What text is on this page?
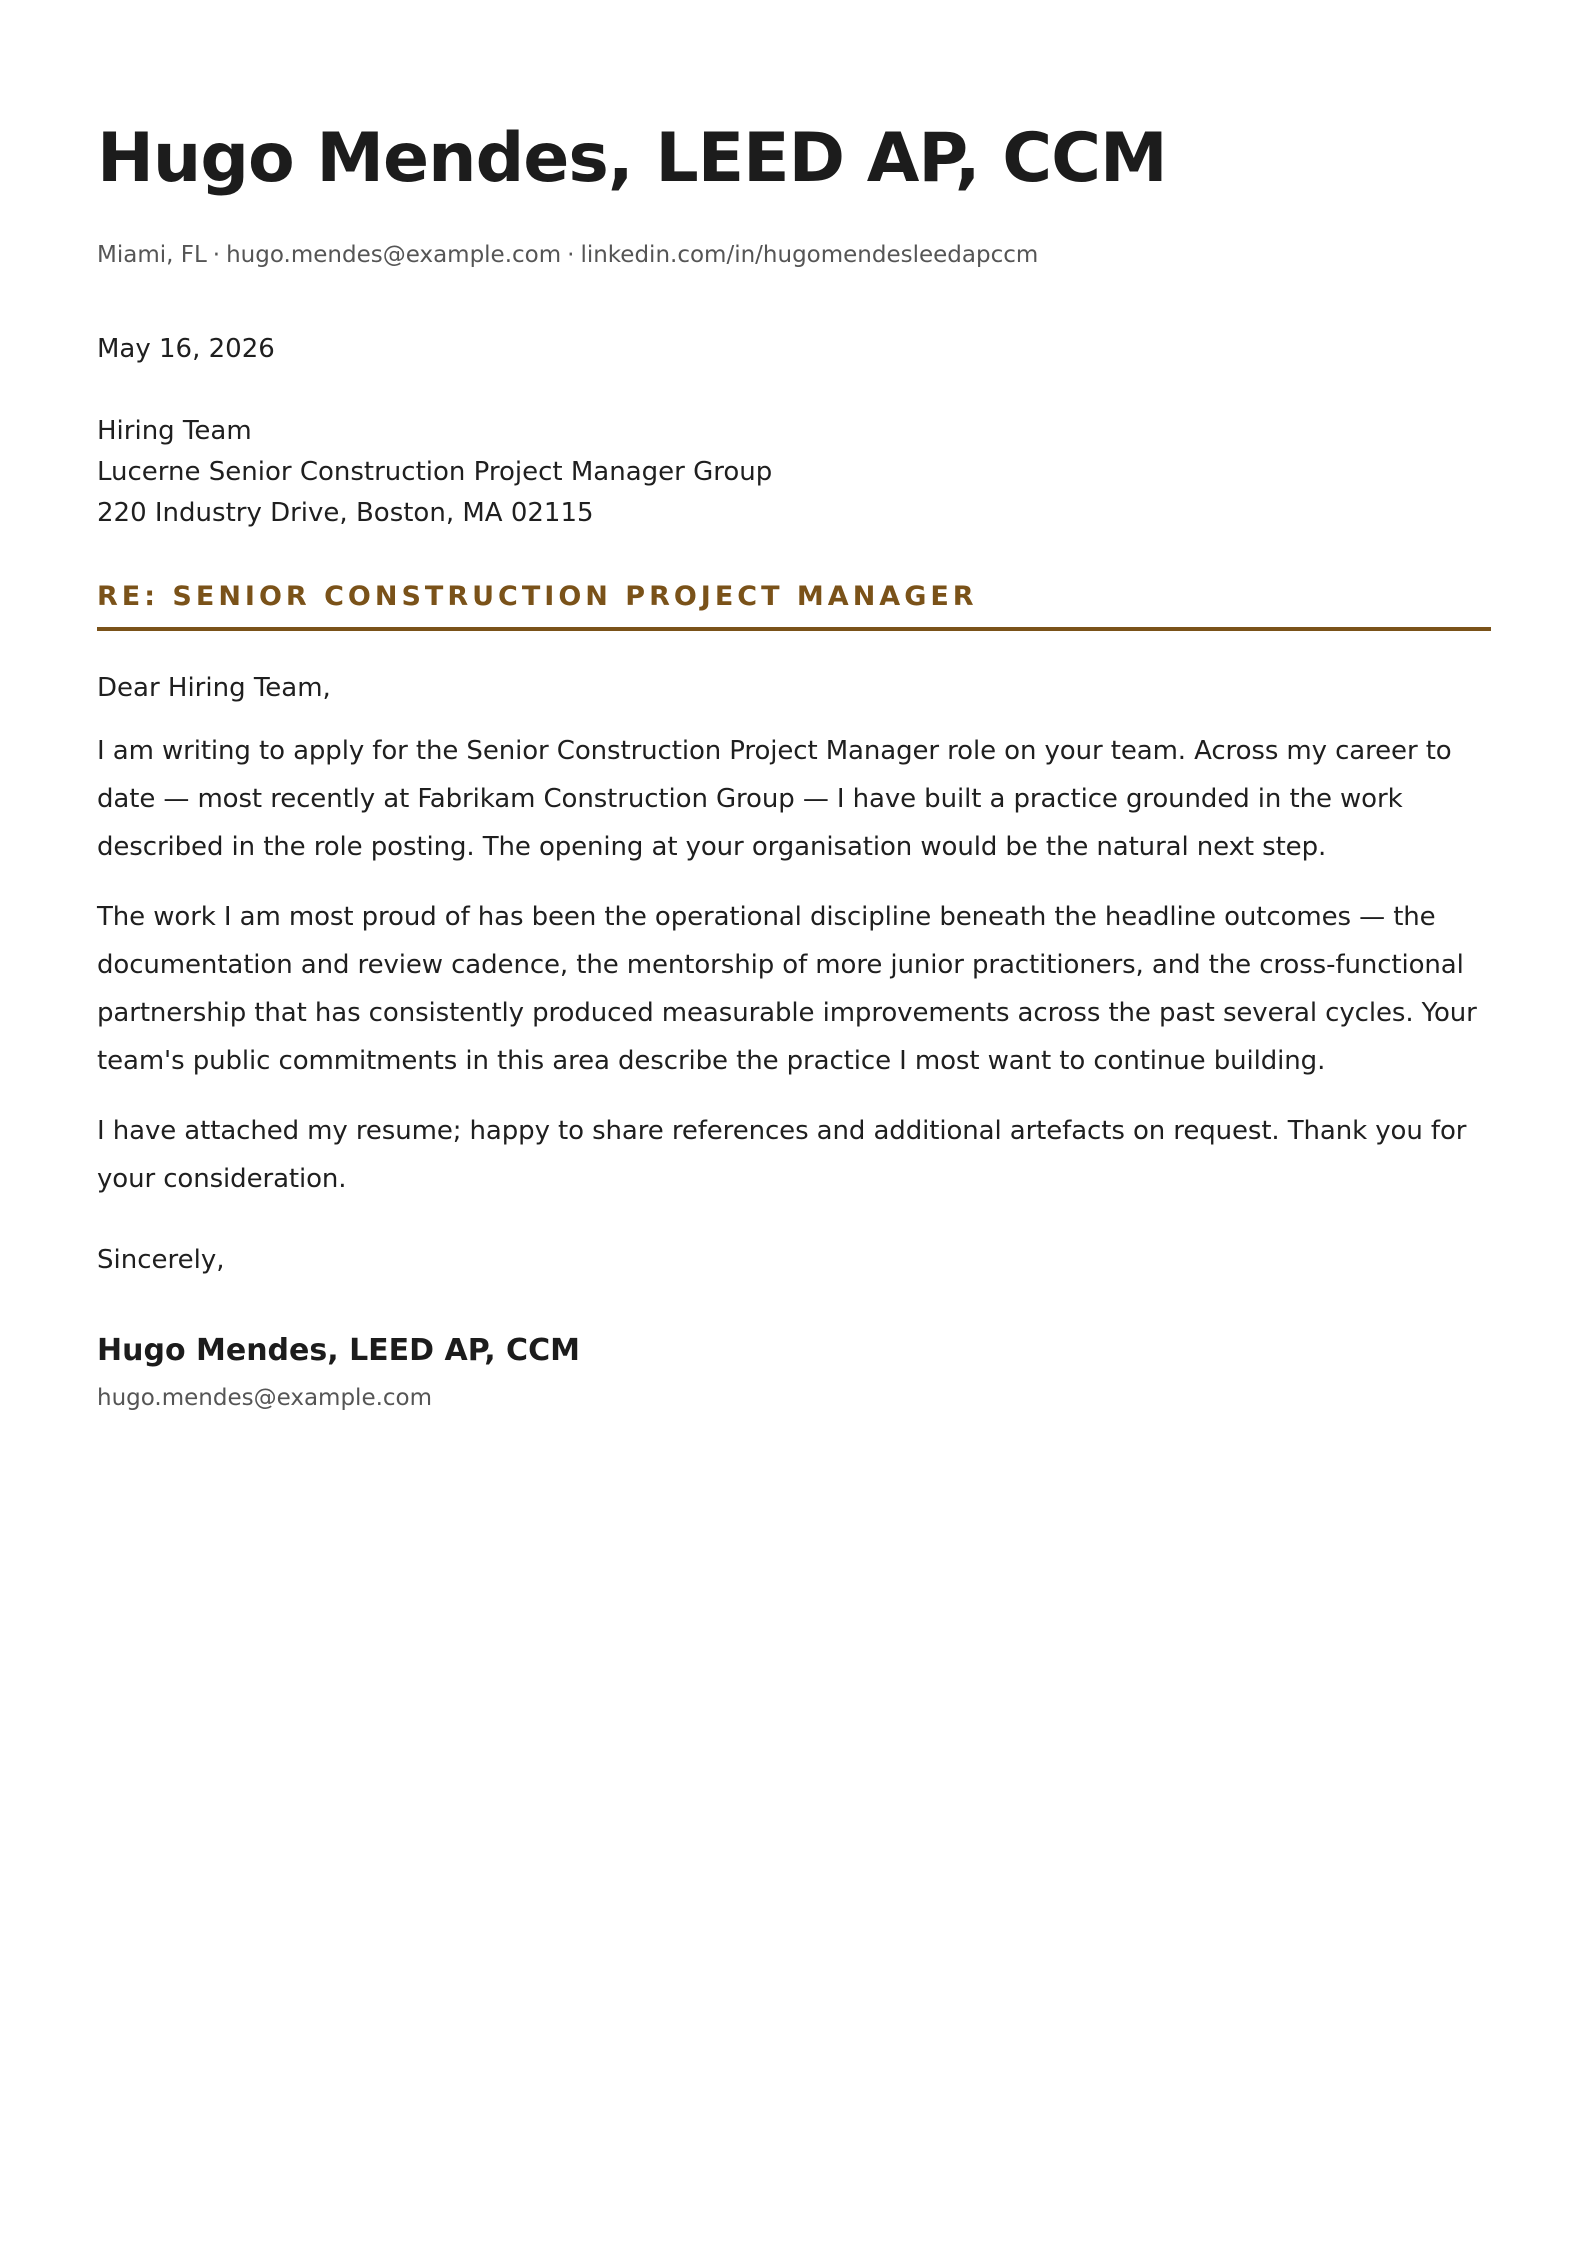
Hugo Mendes, LEED AP, CCM
Miami, FL · hugo.mendes@example.com · linkedin.com/in/hugomendesleedapccm
May 16, 2026
Hiring Team
Lucerne Senior Construction Project Manager Group
220 Industry Drive, Boston, MA 02115
RE: SENIOR CONSTRUCTION PROJECT MANAGER
Dear Hiring Team,

I am writing to apply for the Senior Construction Project Manager role on your team. Across my career to date — most recently at Fabrikam Construction Group — I have built a practice grounded in the work described in the role posting. The opening at your organisation would be the natural next step.

The work I am most proud of has been the operational discipline beneath the headline outcomes — the documentation and review cadence, the mentorship of more junior practitioners, and the cross-functional partnership that has consistently produced measurable improvements across the past several cycles. Your team's public commitments in this area describe the practice I most want to continue building.

I have attached my resume; happy to share references and additional artefacts on request. Thank you for your consideration.

Sincerely,
Hugo Mendes, LEED AP, CCM
hugo.mendes@example.com
